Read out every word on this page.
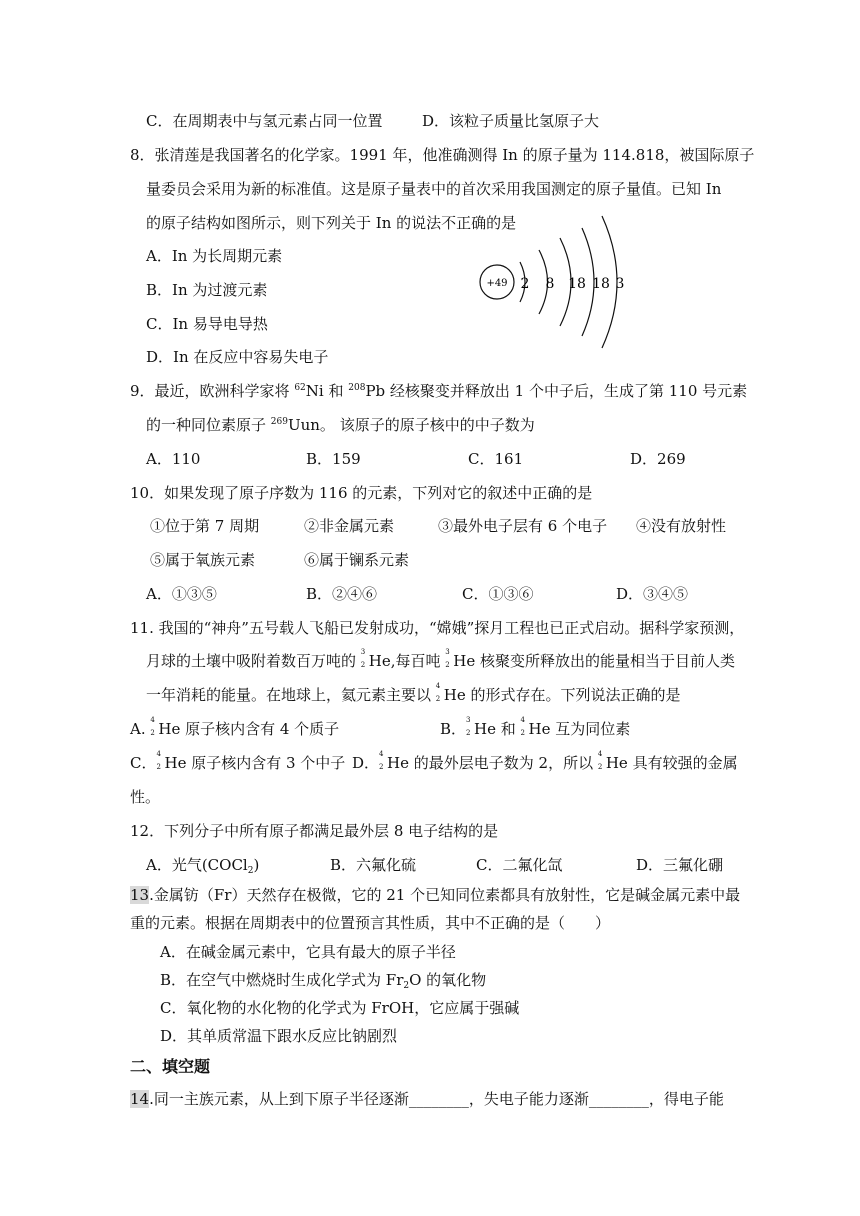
C．在周期表中与氢元素占同一位置	D．该粒子质量比氢原子大
8．张清莲是我国著名的化学家。1991 年，他准确测得 In 的原子量为 114.818，被国际原子
量委员会采用为新的标准值。这是原子量表中的首次采用我国测定的原子量值。已知 In
的原子结构如图所示，则下列关于 In 的说法不正确的是
A．In 为长周期元素
B．In 为过渡元素
C．In 易导电导热
D．In 在反应中容易失电子
+49 2 8 18 18 3
9．最近，欧洲科学家将 $^{62}$Ni 和 $^{208}$Pb 经核聚变并释放出 1 个中子后，生成了第 110 号元素
的一种同位素原子 $^{269}$Uun。 该原子的原子核中的中子数为
A．110	B．159	C．161	D．269
10．如果发现了原子序数为 116 的元素，下列对它的叙述中正确的是
①位于第 7 周期	②非金属元素	③最外电子层有 6 个电子 ④没有放射性
⑤属于氧族元素	⑥属于镧系元素
A．①③⑤	B．②④⑥	C．①③⑥	D．③④⑤
11. 我国的“神舟”五号载人飞船已发射成功，“嫦娥”探月工程也已正式启动。据科学家预测，
月球的土壤中吸附着数百万吨的 3
2 He,每百吨 3
2 He 核聚变所释放出的能量相当于目前人类
一年消耗的能量。在地球上，氦元素主要以 4
2 He 的形式存在。下列说法正确的是
A. 4
2 He 原子核内含有 4 个质子	B． 3
2 He 和 4
2 He 互为同位素
C． 4
2 He 原子核内含有 3 个中子 D． 4
2 He 的最外层电子数为 2，所以 4
2 He 具有较强的金属
性。
12．下列分子中所有原子都满足最外层 8 电子结构的是
A．光气(COCl$_2$)	B．六氟化硫	C．二氟化氙	D．三氟化硼
13.金属钫（Fr）天然存在极微，它的 21 个已知同位素都具有放射性，它是碱金属元素中最
重的元素。根据在周期表中的位置预言其性质，其中不正确的是（　　）
A．在碱金属元素中，它具有最大的原子半径
B．在空气中燃烧时生成化学式为 $Fr_2O$ 的氧化物
C．氧化物的水化物的化学式为 FrOH，它应属于强碱
D．其单质常温下跟水反应比钠剧烈
二、填空题
14.同一主族元素，从上到下原子半径逐渐________，失电子能力逐渐________，得电子能
